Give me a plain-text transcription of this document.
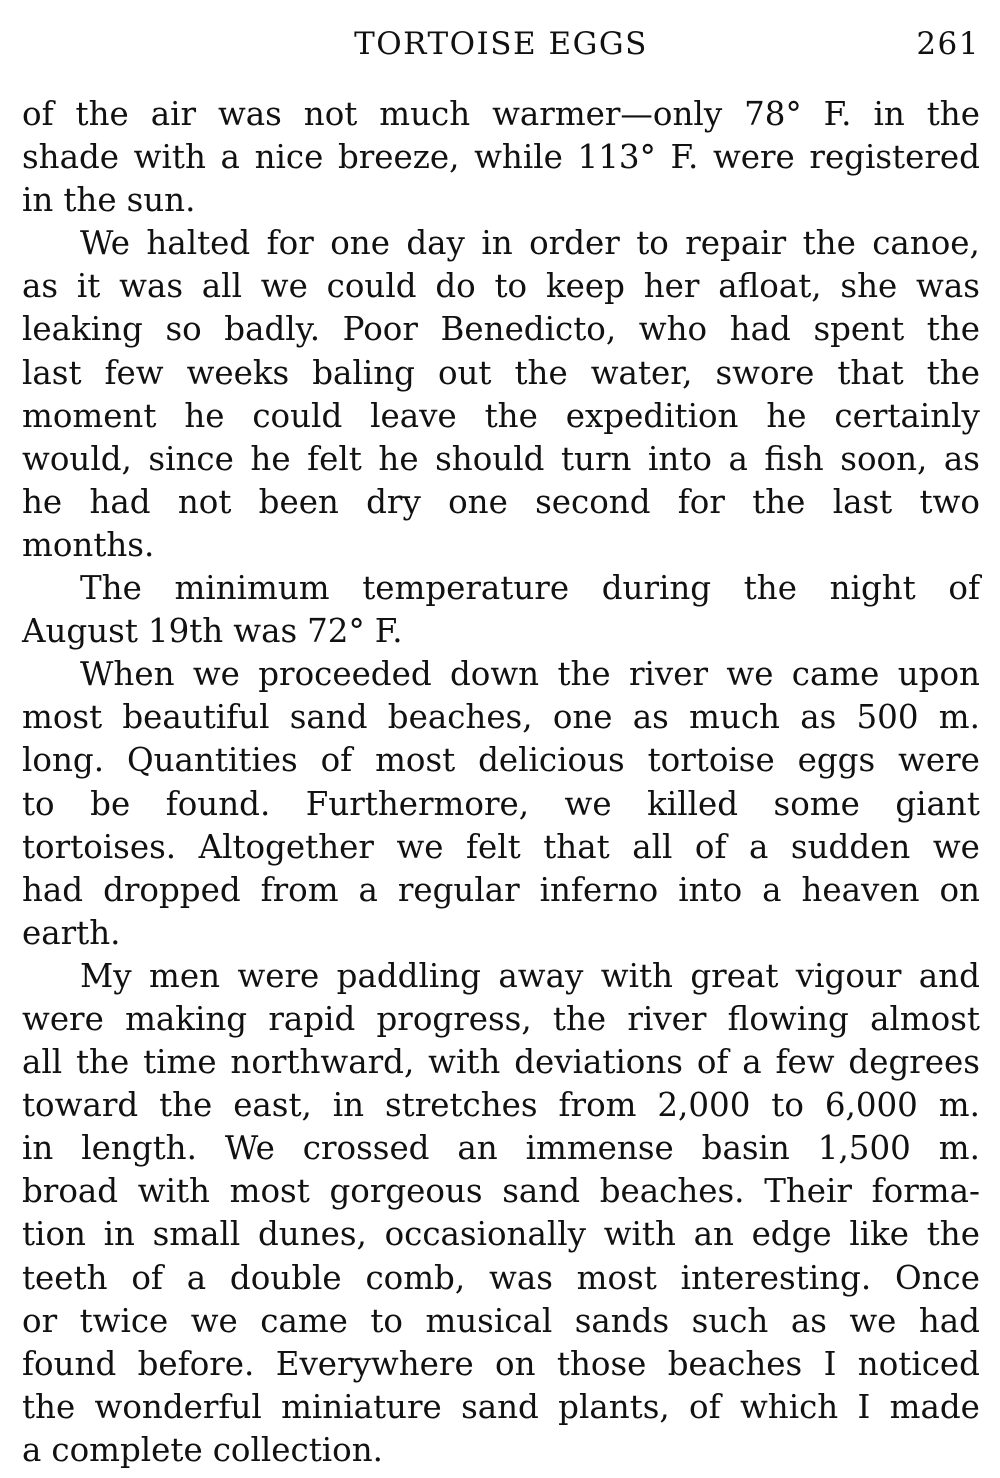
TORTOISE EGGS	261
of the air was not much warmer—only 78° F. in the
shade with a nice breeze, while 113° F. were registered
in the sun.
We halted for one day in order to repair the canoe,
as it was all we could do to keep her afloat, she was
leaking so badly. Poor Benedicto, who had spent the
last few weeks baling out the water, swore that the
moment he could leave the expedition he certainly
would, since he felt he should turn into a fish soon, as
he had not been dry one second for the last two
months.
The minimum temperature during the night of
August 19th was 72° F.
When we proceeded down the river we came upon
most beautiful sand beaches, one as much as 500 m.
long. Quantities of most delicious tortoise eggs were
to be found. Furthermore, we killed some giant
tortoises. Altogether we felt that all of a sudden we
had dropped from a regular inferno into a heaven on
earth.
My men were paddling away with great vigour and
were making rapid progress, the river flowing almost
all the time northward, with deviations of a few degrees
toward the east, in stretches from 2,000 to 6,000 m.
in length. We crossed an immense basin 1,500 m.
broad with most gorgeous sand beaches. Their forma-
tion in small dunes, occasionally with an edge like the
teeth of a double comb, was most interesting. Once
or twice we came to musical sands such as we had
found before. Everywhere on those beaches I noticed
the wonderful miniature sand plants, of which I made
a complete collection.
